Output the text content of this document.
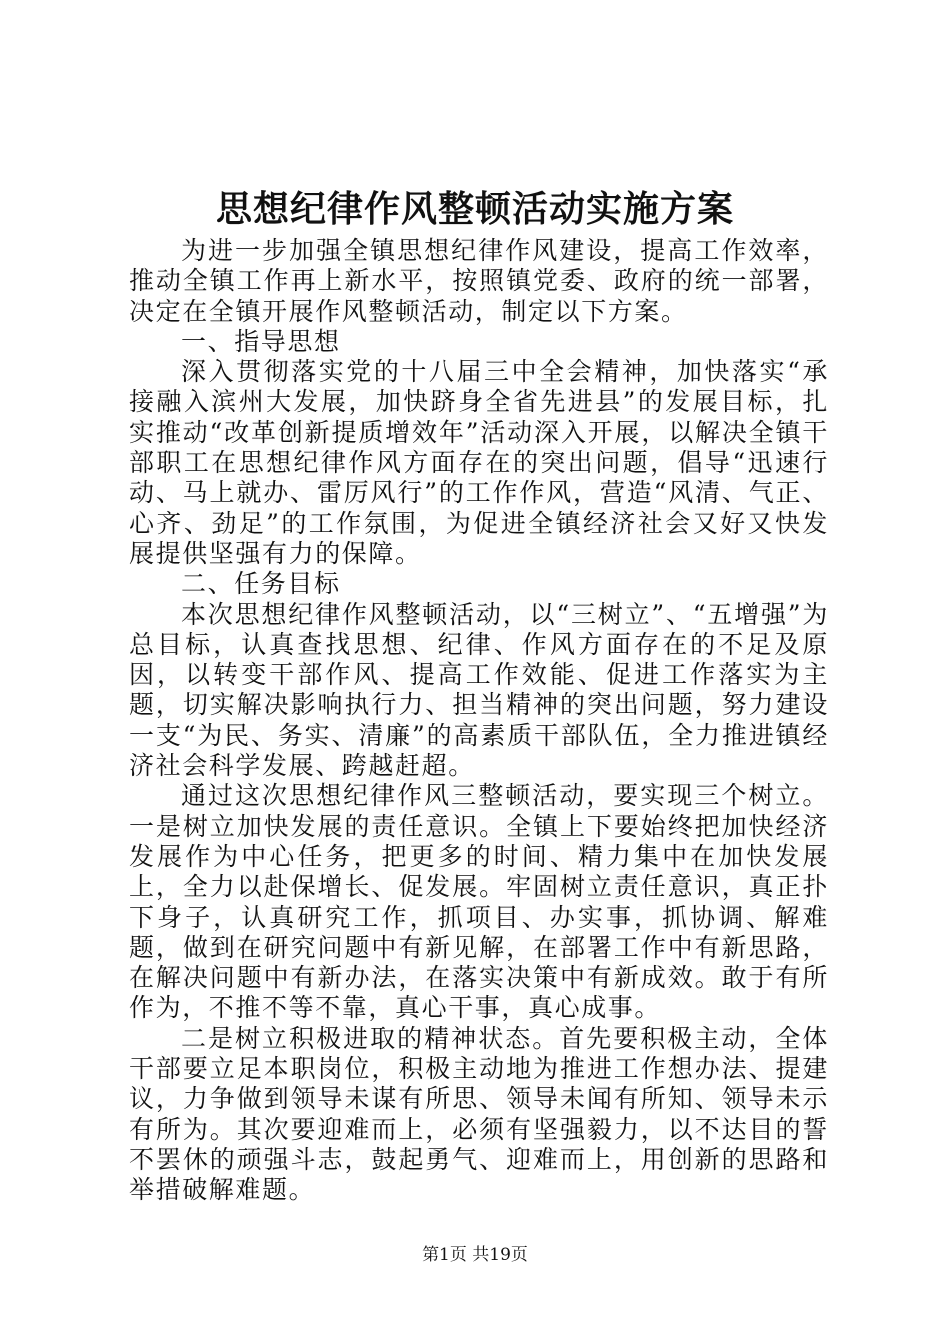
思想纪律作风整顿活动实施方案

为进一步加强全镇思想纪律作风建设，提高工作效率，推动全镇工作再上新水平，按照镇党委、政府的统一部署，决定在全镇开展作风整顿活动，制定以下方案。

一、指导思想

深入贯彻落实党的十八届三中全会精神，加快落实“承接融入滨州大发展，加快跻身全省先进县”的发展目标，扎实推动“改革创新提质增效年”活动深入开展，以解决全镇干部职工在思想纪律作风方面存在的突出问题，倡导“迅速行动、马上就办、雷厉风行”的工作作风，营造“风清、气正、心齐、劲足”的工作氛围，为促进全镇经济社会又好又快发展提供坚强有力的保障。

二、任务目标

本次思想纪律作风整顿活动，以“三树立”、“五增强”为总目标，认真查找思想、纪律、作风方面存在的不足及原因，以转变干部作风、提高工作效能、促进工作落实为主题，切实解决影响执行力、担当精神的突出问题，努力建设一支“为民、务实、清廉”的高素质干部队伍，全力推进镇经济社会科学发展、跨越赶超。

通过这次思想纪律作风三整顿活动，要实现三个树立。一是树立加快发展的责任意识。全镇上下要始终把加快经济发展作为中心任务，把更多的时间、精力集中在加快发展上，全力以赴保增长、促发展。牢固树立责任意识，真正扑下身子，认真研究工作，抓项目、办实事，抓协调、解难题，做到在研究问题中有新见解，在部署工作中有新思路，在解决问题中有新办法，在落实决策中有新成效。敢于有所作为，不推不等不靠，真心干事，真心成事。

二是树立积极进取的精神状态。首先要积极主动，全体干部要立足本职岗位，积极主动地为推进工作想办法、提建议，力争做到领导未谋有所思、领导未闻有所知、领导未示有所为。其次要迎难而上，必须有坚强毅力，以不达目的誓不罢休的顽强斗志，鼓起勇气、迎难而上，用创新的思路和举措破解难题。

第1页 共19页
